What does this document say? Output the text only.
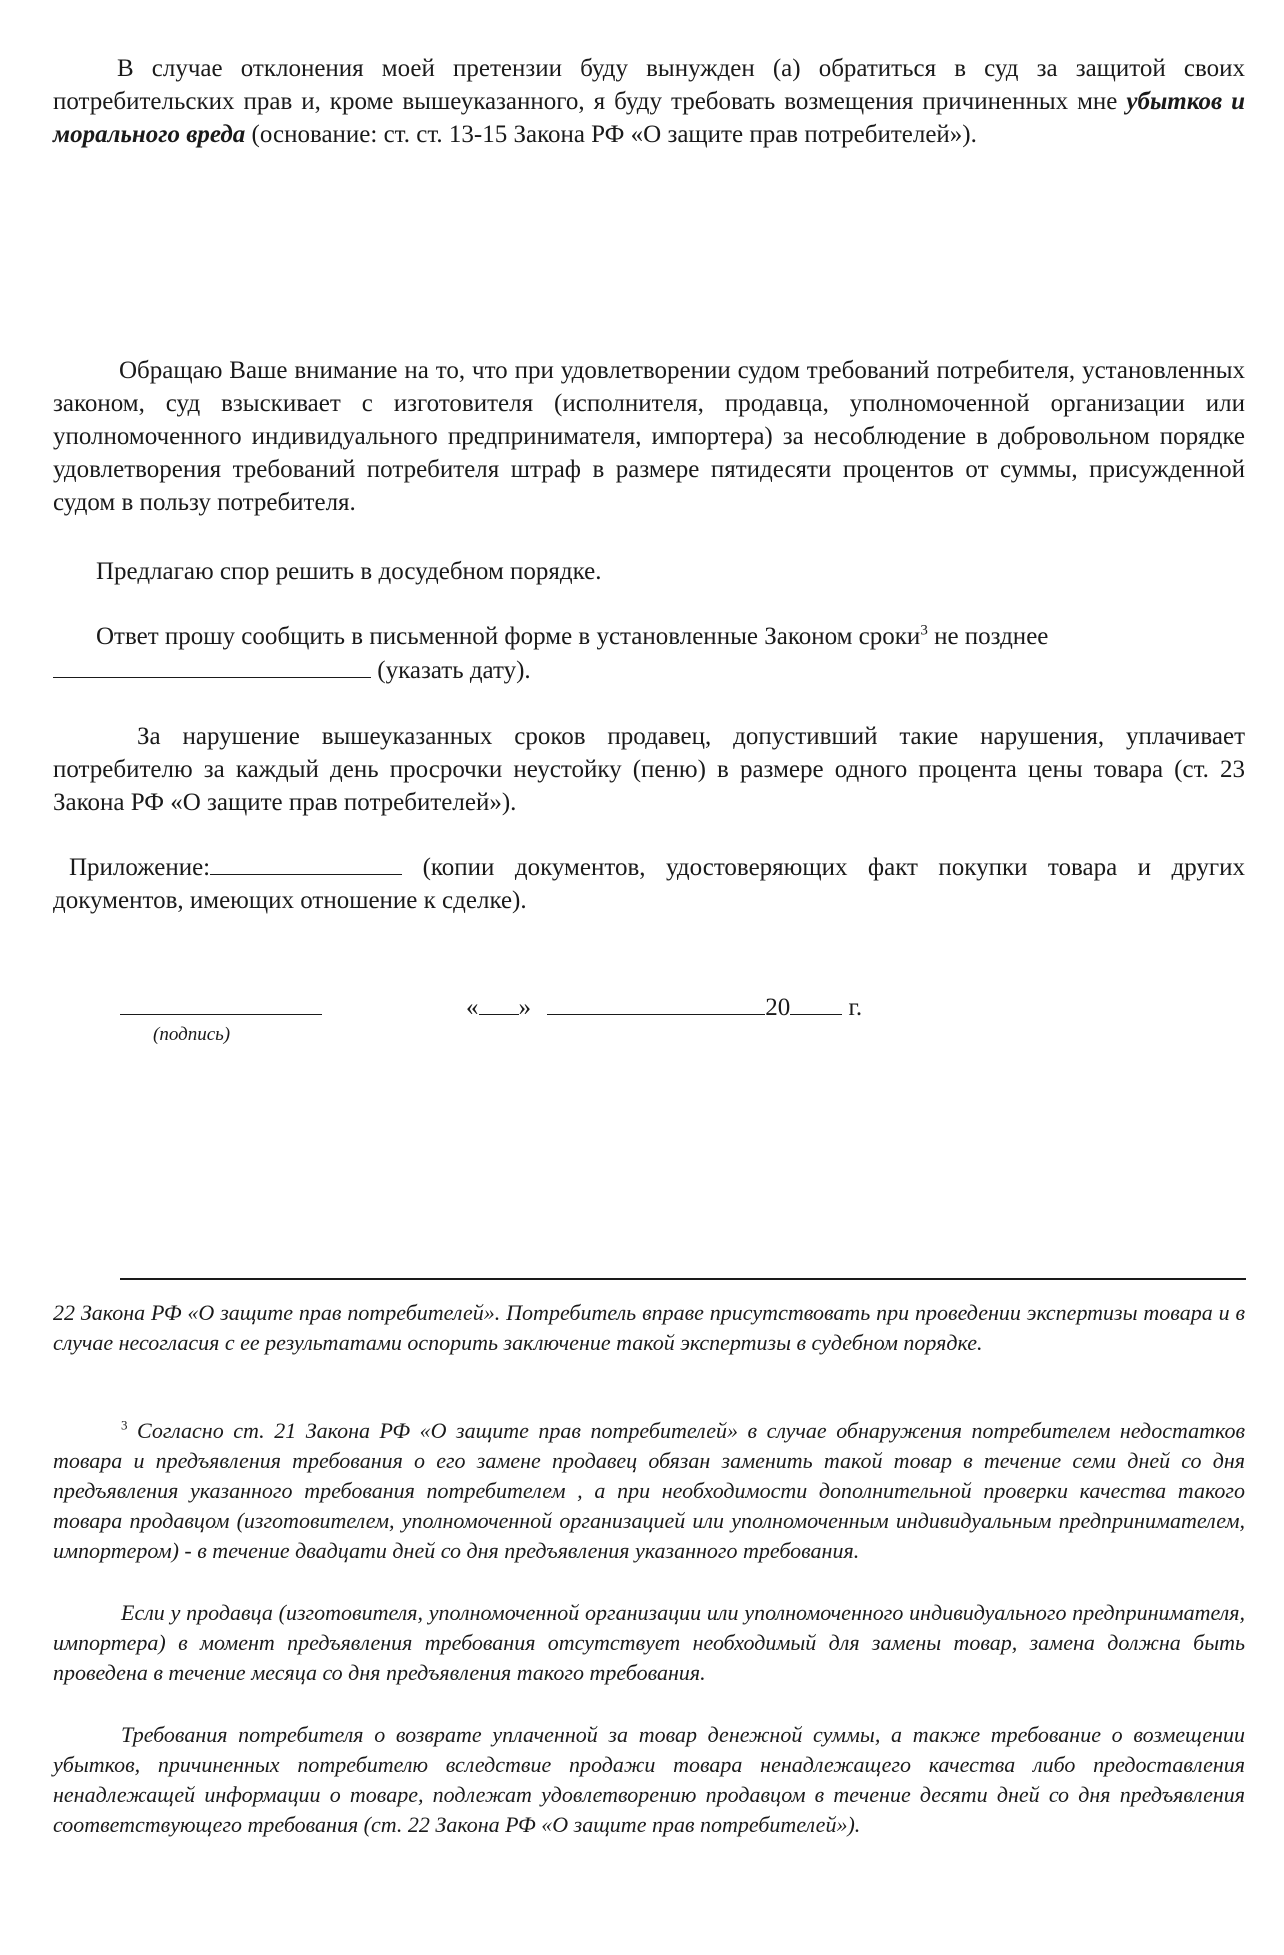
В случае отклонения моей претензии буду вынужден (а) обратиться в суд за защитой своих потребительских прав и, кроме вышеуказанного, я буду требовать возмещения причиненных мне убытков и морального вреда (основание: ст. ст. 13-15 Закона РФ «О защите прав потребителей»).

Обращаю Ваше внимание на то, что при удовлетворении судом требований потребителя, установленных законом, суд взыскивает с изготовителя (исполнителя, продавца, уполномоченной организации или уполномоченного индивидуального предпринимателя, импортера) за несоблюдение в добровольном порядке удовлетворения требований потребителя штраф в размере пятидесяти процентов от суммы, присужденной судом в пользу потребителя.

Предлагаю спор решить в досудебном порядке.

Ответ прошу сообщить в письменной форме в установленные Законом сроки$^3$ не позднее
(указать дату).

За нарушение вышеуказанных сроков продавец, допустивший такие нарушения, уплачивает потребителю за каждый день просрочки неустойку (пеню) в размере одного процента цены товара (ст. 23 Закона РФ «О защите прав потребителей»).

Приложение:	(копии документов, удостоверяющих факт покупки товара и других документов, имеющих отношение к сделке).

(подпись)
« »	20 г.

22 Закона РФ «О защите прав потребителей». Потребитель вправе присутствовать при проведении экспертизы товара и в случае несогласия с ее результатами оспорить заключение такой экспертизы в судебном порядке.

$^3$ Согласно ст. 21 Закона РФ «О защите прав потребителей» в случае обнаружения потребителем недостатков товара и предъявления требования о его замене продавец обязан заменить такой товар в течение семи дней со дня предъявления указанного требования потребителем , а при необходимости дополнительной проверки качества такого товара продавцом (изготовителем, уполномоченной организацией или уполномоченным индивидуальным предпринимателем, импортером) - в течение двадцати дней со дня предъявления указанного требования.

Если у продавца (изготовителя, уполномоченной организации или уполномоченного индивидуального предпринимателя, импортера) в момент предъявления требования отсутствует необходимый для замены товар, замена должна быть проведена в течение месяца со дня предъявления такого требования.

Требования потребителя о возврате уплаченной за товар денежной суммы, а также требование о возмещении убытков, причиненных потребителю вследствие продажи товара ненадлежащего качества либо предоставления ненадлежащей информации о товаре, подлежат удовлетворению продавцом в течение десяти дней со дня предъявления соответствующего требования (ст. 22 Закона РФ «О защите прав потребителей»).
